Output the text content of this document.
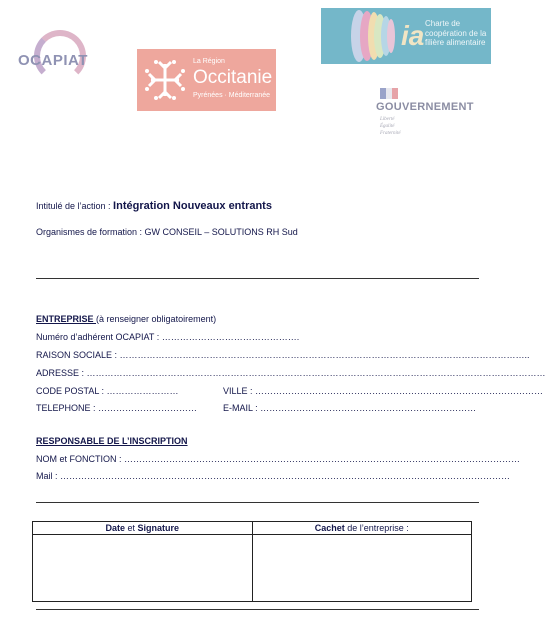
OCAPIAT	La Région
Occitanie
Pyrénées · Méditerranée
ia Charte de coopération de la filière alimentaire
GOUVERNEMENT
Liberté
Égalité
Fraternité
Intitulé de l’action : Intégration Nouveaux entrants
Organismes de formation : GW CONSEIL – SOLUTIONS RH Sud
ENTREPRISE (à renseigner obligatoirement)
Numéro d’adhérent OCAPIAT : ……………………………………….
RAISON SOCIALE : ………………………………………………………………………………………………………………………..
ADRESSE : ………………………………………………………………………………………………………………………………………
CODE POSTAL : ……………………	VILLE : ……………………………………………………………………………………
TELEPHONE : ……………………………	E-MAIL : ………………………………………………………………
RESPONSABLE DE L’INSCRIPTION
NOM et FONCTION : ……………………………………………………………………………………………………………………
Mail : ……………………………………………………………………………………………………………………………………
Date et Signature	Cachet de l’entreprise :
